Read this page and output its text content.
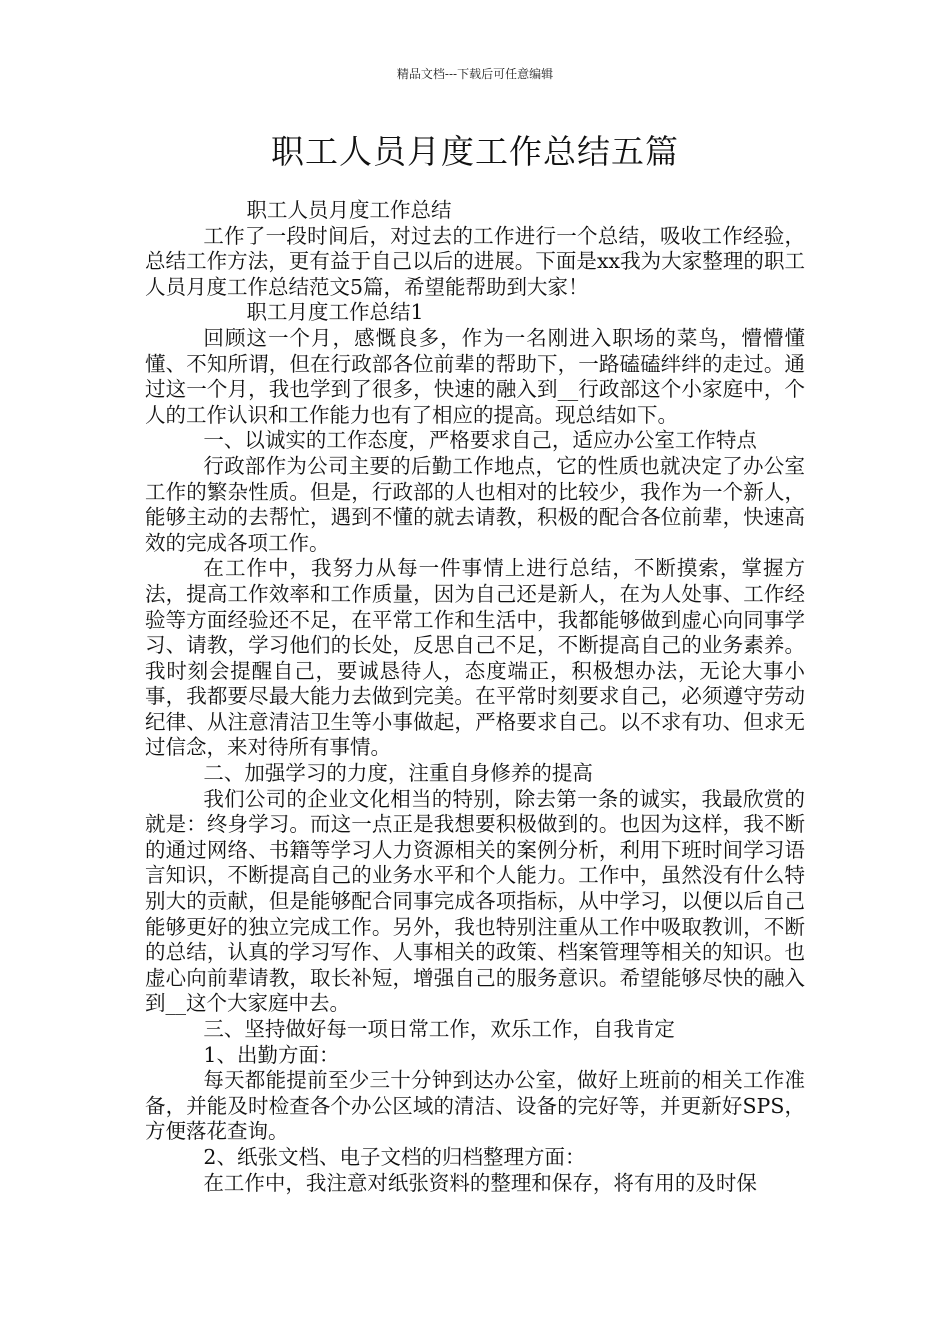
精品文档---下载后可任意编辑
职工人员月度工作总结五篇

职工人员月度工作总结

工作了一段时间后，对过去的工作进行一个总结，吸收工作经验，总结工作方法，更有益于自己以后的进展。下面是xx我为大家整理的职工人员月度工作总结范文5篇，希望能帮助到大家！

职工月度工作总结1

回顾这一个月，感慨良多，作为一名刚进入职场的菜鸟，懵懵懂懂、不知所谓，但在行政部各位前辈的帮助下，一路磕磕绊绊的走过。通过这一个月，我也学到了很多，快速的融入到__行政部这个小家庭中，个人的工作认识和工作能力也有了相应的提高。现总结如下。

一、以诚实的工作态度，严格要求自己，适应办公室工作特点

行政部作为公司主要的后勤工作地点，它的性质也就决定了办公室工作的繁杂性质。但是，行政部的人也相对的比较少，我作为一个新人，能够主动的去帮忙，遇到不懂的就去请教，积极的配合各位前辈，快速高效的完成各项工作。

在工作中，我努力从每一件事情上进行总结，不断摸索，掌握方法，提高工作效率和工作质量，因为自己还是新人，在为人处事、工作经验等方面经验还不足，在平常工作和生活中，我都能够做到虚心向同事学习、请教，学习他们的长处，反思自己不足，不断提高自己的业务素养。我时刻会提醒自己，要诚恳待人，态度端正，积极想办法，无论大事小事，我都要尽最大能力去做到完美。在平常时刻要求自己，必须遵守劳动纪律、从注意清洁卫生等小事做起，严格要求自己。以不求有功、但求无过信念，来对待所有事情。

二、加强学习的力度，注重自身修养的提高

我们公司的企业文化相当的特别，除去第一条的诚实，我最欣赏的就是：终身学习。而这一点正是我想要积极做到的。也因为这样，我不断的通过网络、书籍等学习人力资源相关的案例分析，利用下班时间学习语言知识，不断提高自己的业务水平和个人能力。工作中，虽然没有什么特别大的贡献，但是能够配合同事完成各项指标，从中学习，以便以后自己能够更好的独立完成工作。另外，我也特别注重从工作中吸取教训，不断的总结，认真的学习写作、人事相关的政策、档案管理等相关的知识。也虚心向前辈请教，取长补短，增强自己的服务意识。希望能够尽快的融入到__这个大家庭中去。

三、坚持做好每一项日常工作，欢乐工作，自我肯定

1、出勤方面：

每天都能提前至少三十分钟到达办公室，做好上班前的相关工作准备，并能及时检查各个办公区域的清洁、设备的完好等，并更新好SPS，方便落花查询。

2、纸张文档、电子文档的归档整理方面：

在工作中，我注意对纸张资料的整理和保存，将有用的及时保
